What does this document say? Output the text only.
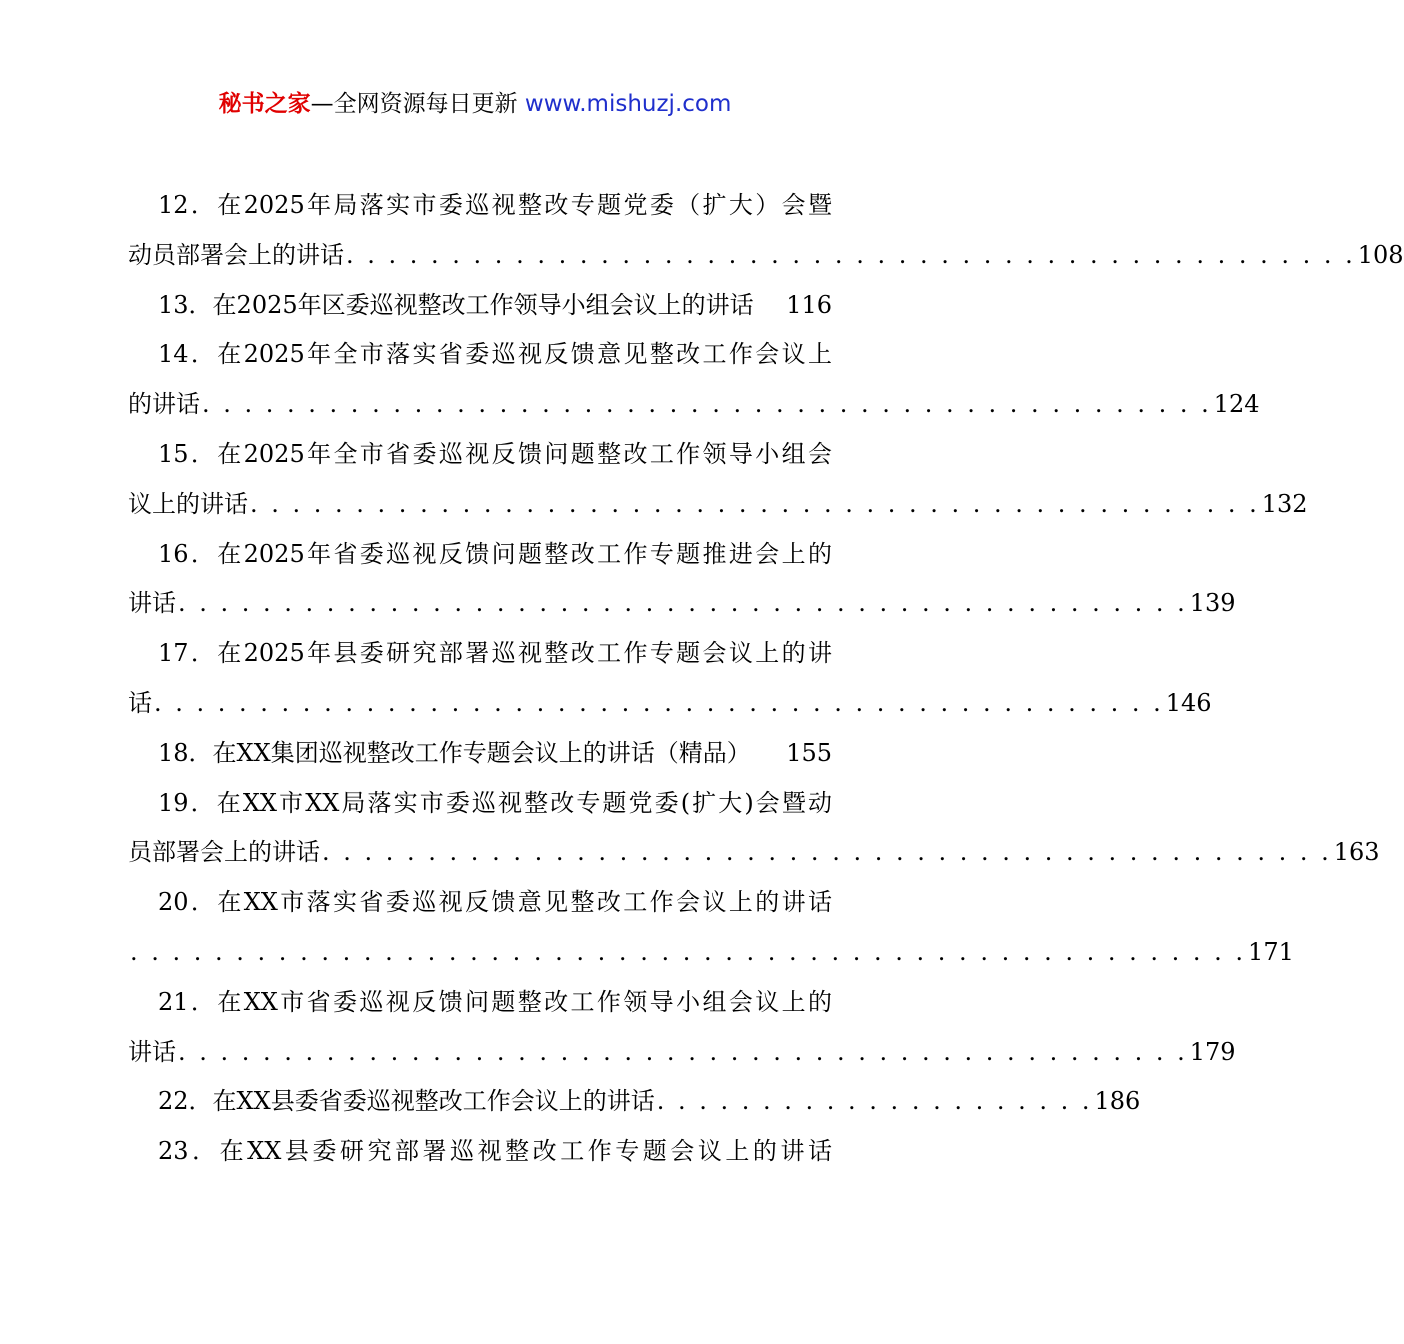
秘书之家—全网资源每日更新 www.mishuzj.com
12．在2025年局落实市委巡视整改专题党委（扩大）会暨
动员部署会上的讲话 . . . . . . . . . . . . . . . . . . . . . . . . . . . . . . . . . . . . . . . . . . . . . . . . 108
13．在2025年区委巡视整改工作领导小组会议上的讲话 116
14．在2025年全市落实省委巡视反馈意见整改工作会议上
的讲话 . . . . . . . . . . . . . . . . . . . . . . . . . . . . . . . . . . . . . . . . . . . . . . . . 124
15．在2025年全市省委巡视反馈问题整改工作领导小组会
议上的讲话 . . . . . . . . . . . . . . . . . . . . . . . . . . . . . . . . . . . . . . . . . . . . . . . . 132
16．在2025年省委巡视反馈问题整改工作专题推进会上的
讲话 . . . . . . . . . . . . . . . . . . . . . . . . . . . . . . . . . . . . . . . . . . . . . . . . 139
17．在2025年县委研究部署巡视整改工作专题会议上的讲
话 . . . . . . . . . . . . . . . . . . . . . . . . . . . . . . . . . . . . . . . . . . . . . . . . 146
18．在XX集团巡视整改工作专题会议上的讲话（精品） 155
19．在XX市XX局落实市委巡视整改专题党委(扩大)会暨动
员部署会上的讲话 . . . . . . . . . . . . . . . . . . . . . . . . . . . . . . . . . . . . . . . . . . . . . . . . 163
20．在XX市落实省委巡视反馈意见整改工作会议上的讲话
. . . . . . . . . . . . . . . . . . . . . . . . . . . . . . . . . . . . . . . . . . . . . . . . . . . . . 171
21．在XX市省委巡视反馈问题整改工作领导小组会议上的
讲话 . . . . . . . . . . . . . . . . . . . . . . . . . . . . . . . . . . . . . . . . . . . . . . . . 179
22．在XX县委省委巡视整改工作会议上的讲话 . . . . . . . . . . . . . . . . . . . . . 186
23．在XX县委研究部署巡视整改工作专题会议上的讲话
